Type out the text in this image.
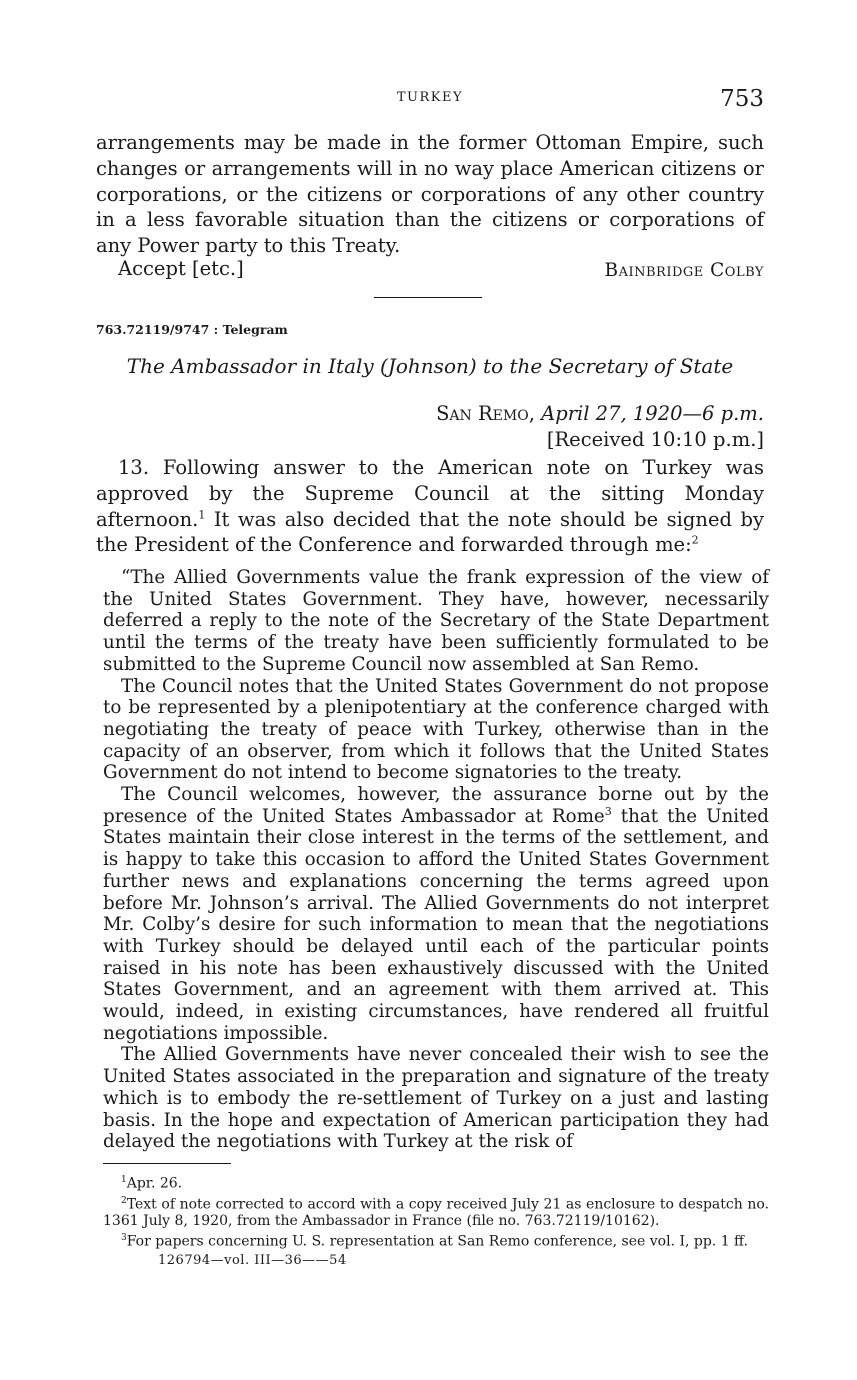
TURKEY	753

arrangements may be made in the former Ottoman Empire, such changes or arrangements will in no way place American citizens or corporations, or the citizens or corporations of any other country in a less favorable situation than the citizens or corporations of any Power party to this Treaty.

Accept [etc.]	Bainbridge Colby
763.72119/9747 : Telegram
The Ambassador in Italy (Johnson) to the Secretary of State
San Remo, April 27, 1920—6 p.m.
[Received 10:10 p.m.]

13. Following answer to the American note on Turkey was approved by the Supreme Council at the sitting Monday afternoon.$^1$ It was also decided that the note should be signed by the President of the Conference and forwarded through me:$^2$

“The Allied Governments value the frank expression of the view of the United States Government. They have, however, necessarily deferred a reply to the note of the Secretary of the State Department until the terms of the treaty have been sufficiently formulated to be submitted to the Supreme Council now assembled at San Remo.

The Council notes that the United States Government do not propose to be represented by a plenipotentiary at the conference charged with negotiating the treaty of peace with Turkey, otherwise than in the capacity of an observer, from which it follows that the United States Government do not intend to become signatories to the treaty.

The Council welcomes, however, the assurance borne out by the presence of the United States Ambassador at Rome$^3$ that the United States maintain their close interest in the terms of the settlement, and is happy to take this occasion to afford the United States Government further news and explanations concerning the terms agreed upon before Mr. Johnson’s arrival. The Allied Governments do not interpret Mr. Colby’s desire for such information to mean that the negotiations with Turkey should be delayed until each of the particular points raised in his note has been exhaustively discussed with the United States Government, and an agreement with them arrived at. This would, indeed, in existing circumstances, have rendered all fruitful negotiations impossible.

The Allied Governments have never concealed their wish to see the United States associated in the preparation and signature of the treaty which is to embody the re-settlement of Turkey on a just and lasting basis. In the hope and expectation of American participation they had delayed the negotiations with Turkey at the risk of

$^1$Apr. 26.

$^2$Text of note corrected to accord with a copy received July 21 as enclosure to despatch no. 1361 July 8, 1920, from the Ambassador in France (file no. 763.72119/10162).

$^3$For papers concerning U. S. representation at San Remo conference, see vol. I, pp. 1 ff.

126794—vol. III—36——54
